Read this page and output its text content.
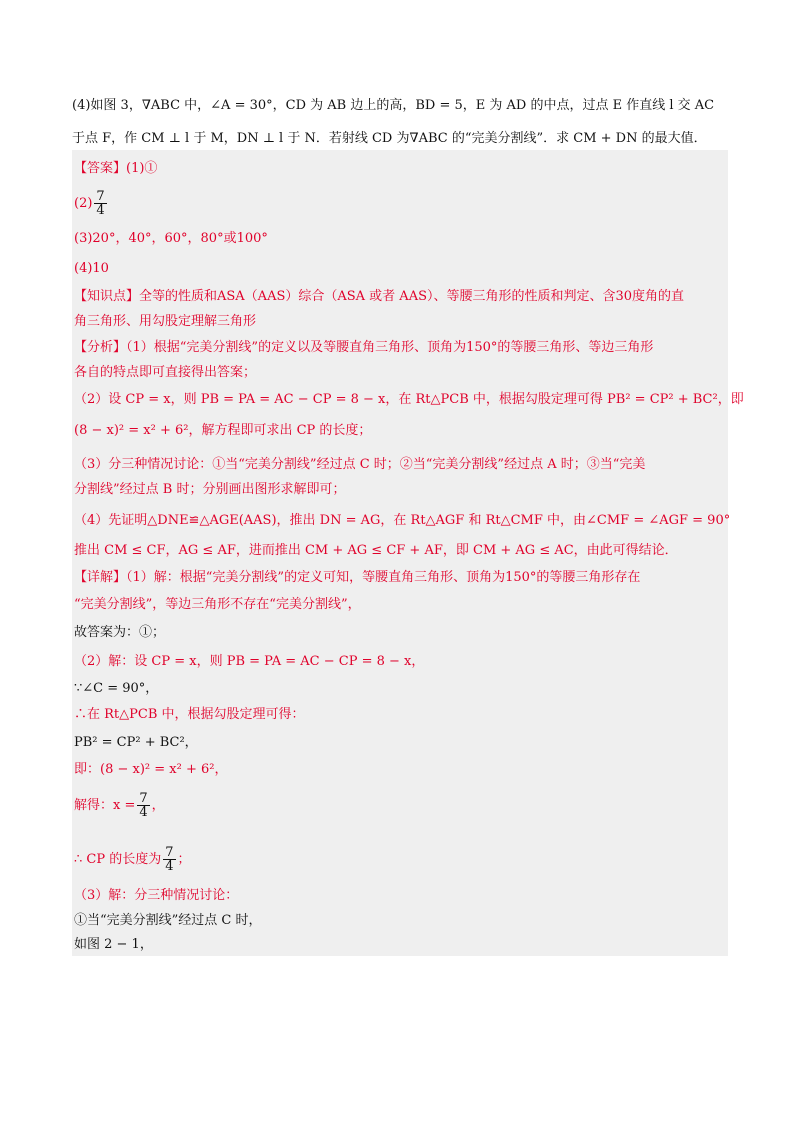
(4)如图 3，∇ABC 中，∠A = 30°，CD 为 AB 边上的高，BD = 5，E 为 AD 的中点，过点 E 作直线 l 交 AC
于点 F，作 CM ⊥ l 于 M，DN ⊥ l 于 N．若射线 CD 为∇ABC 的“完美分割线”．求 CM + DN 的最大值．
【答案】(1)①
$(2) \frac{7}{4}$
(3)20°，40°，60°，80°或100°
(4)10
【知识点】全等的性质和ASA（AAS）综合（ASA 或者 AAS）、等腰三角形的性质和判定、含30度角的直
角三角形、用勾股定理解三角形
【分析】（1）根据“完美分割线”的定义以及等腰直角三角形、顶角为150°的等腰三角形、等边三角形
各自的特点即可直接得出答案；
（2）设 CP = x，则 PB = PA = AC − CP = 8 − x，在 Rt△PCB 中，根据勾股定理可得 PB² = CP² + BC²，即
(8 − x)² = x² + 6²，解方程即可求出 CP 的长度；
（3）分三种情况讨论：①当“完美分割线”经过点 C 时；②当“完美分割线”经过点 A 时；③当“完美
分割线”经过点 B 时；分别画出图形求解即可；
（4）先证明△DNE≌△AGE(AAS)，推出 DN = AG，在 Rt△AGF 和 Rt△CMF 中，由∠CMF = ∠AGF = 90°
推出 CM ≤ CF，AG ≤ AF，进而推出 CM + AG ≤ CF + AF，即 CM + AG ≤ AC，由此可得结论．
【详解】（1）解：根据“完美分割线”的定义可知，等腰直角三角形、顶角为150°的等腰三角形存在
“完美分割线”，等边三角形不存在“完美分割线”，
故答案为：①；
（2）解：设 CP = x，则 PB = PA = AC − CP = 8 − x，
∵∠C = 90°，
∴在 Rt△PCB 中，根据勾股定理可得：
PB² = CP² + BC²，
即：(8 − x)² = x² + 6²，
解得：$x = \frac{7}{4}$ ，
∴ CP 的长度为 $\frac{7}{4}$ ；
（3）解：分三种情况讨论：
①当“完美分割线”经过点 C 时，
如图 2 − 1，
